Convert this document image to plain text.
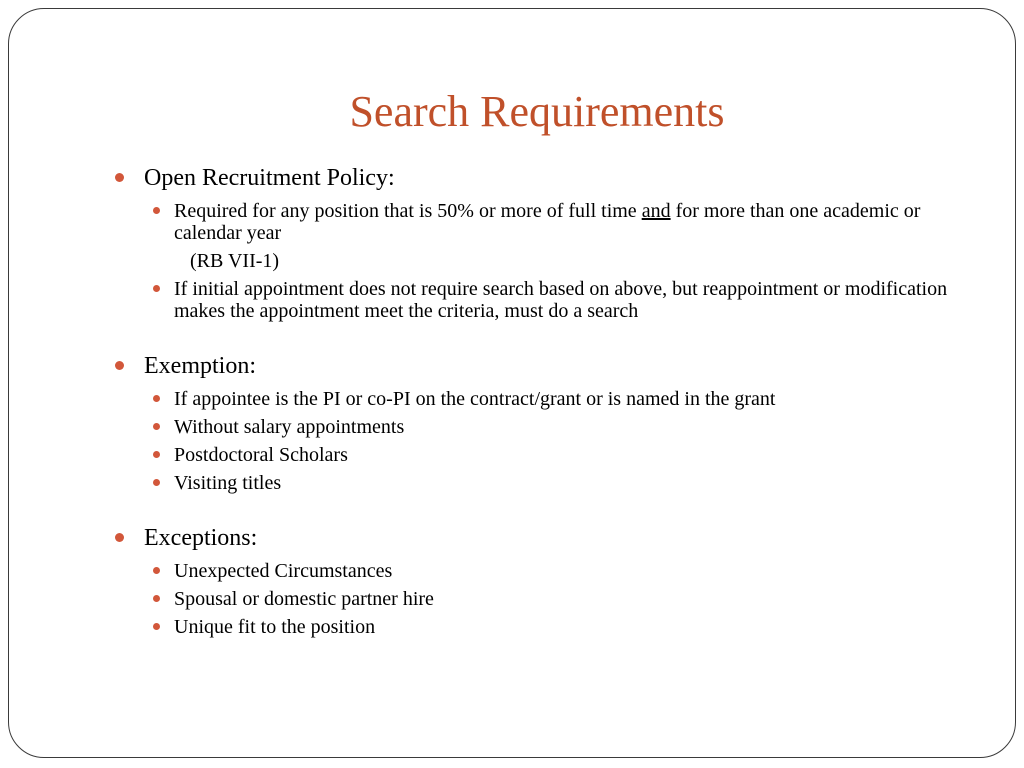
Search Requirements
Open Recruitment Policy:
Required for any position that is 50% or more of full time and for more than one academic or calendar year
(RB VII-1)
If initial appointment does not require search based on above, but reappointment or modification makes the appointment meet the criteria, must do a search
Exemption:
If appointee is the PI or co-PI on the contract/grant or is named in the grant
Without salary appointments
Postdoctoral Scholars
Visiting titles
Exceptions:
Unexpected Circumstances
Spousal or domestic partner hire
Unique fit to the position
